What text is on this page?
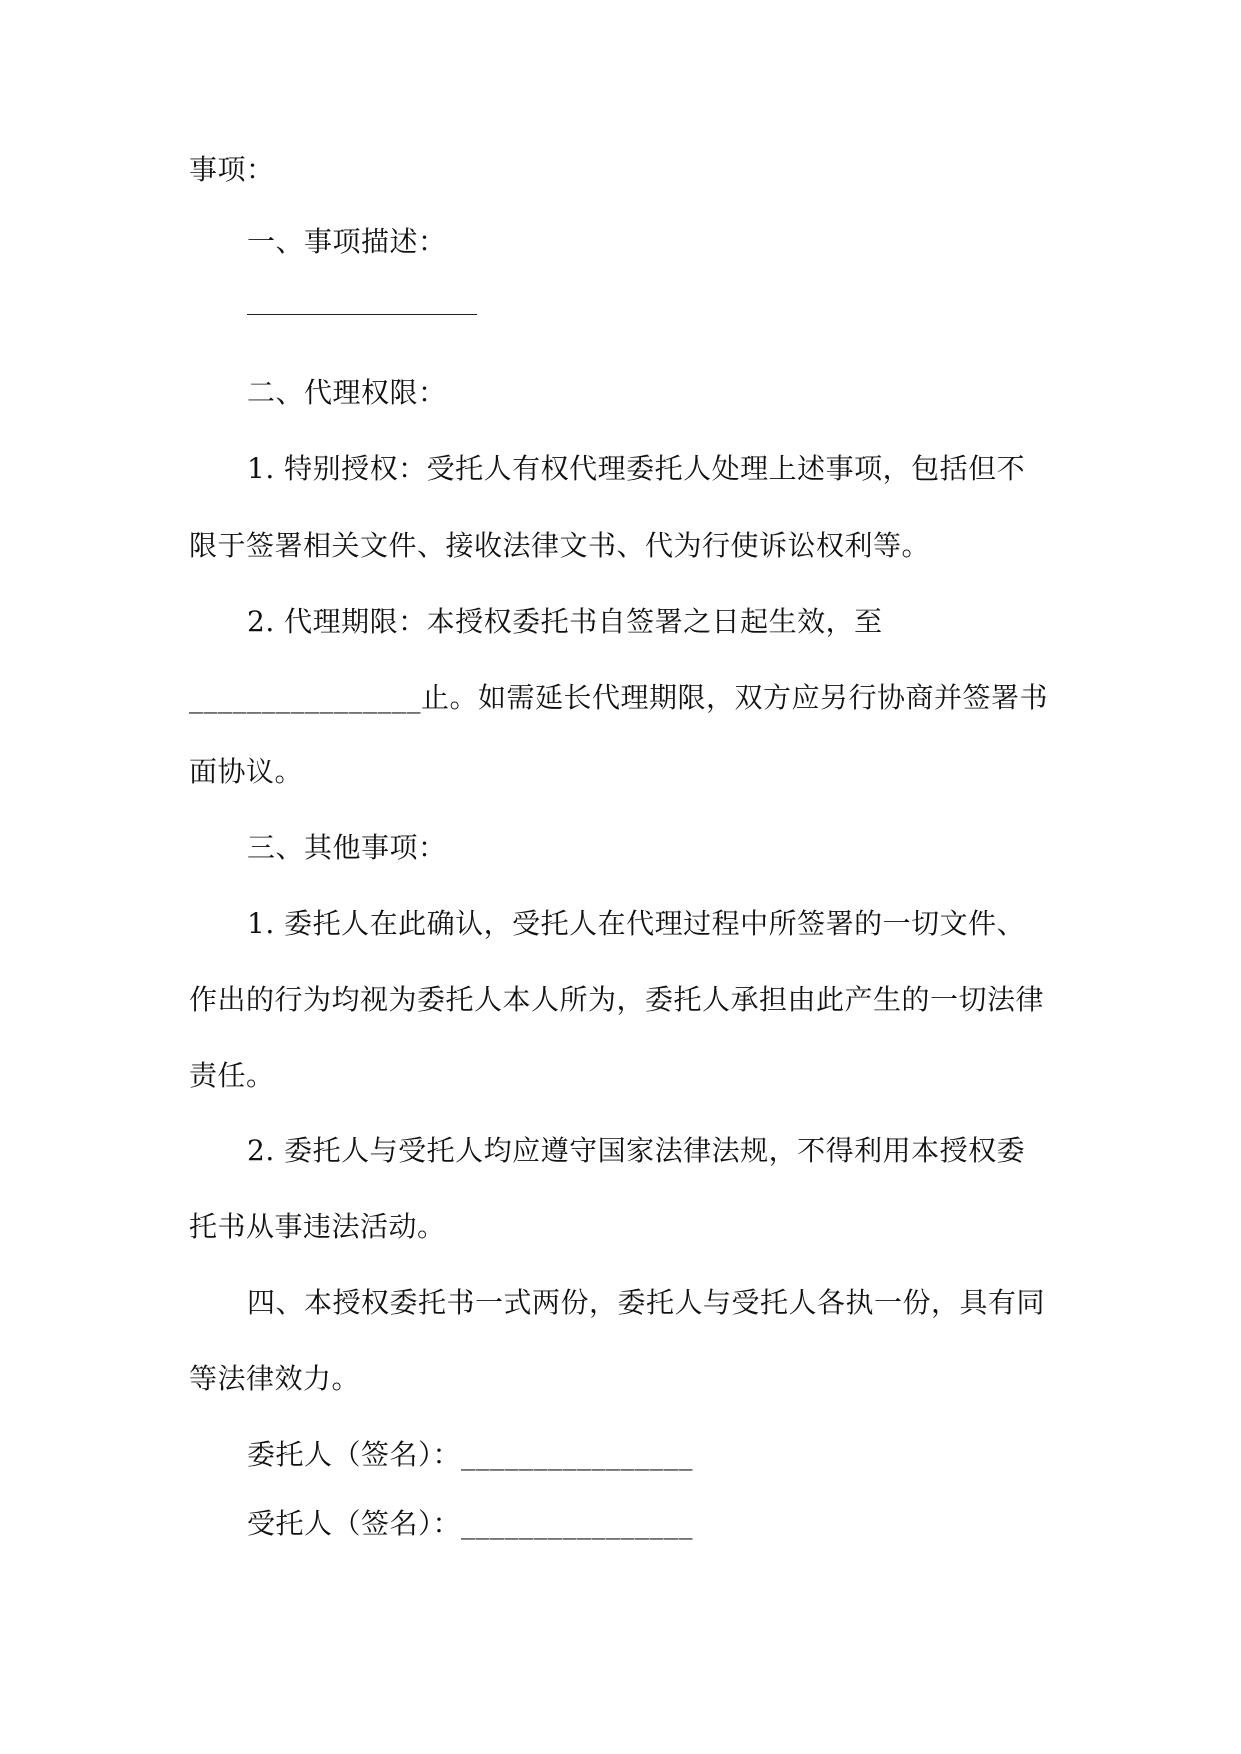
事项：
一、事项描述：
二、代理权限：
1. 特别授权：受托人有权代理委托人处理上述事项，包括但不
限于签署相关文件、接收法律文书、代为行使诉讼权利等。
2. 代理期限：本授权委托书自签署之日起生效，至
________________止。如需延长代理期限，双方应另行协商并签署书
面协议。
三、其他事项：
1. 委托人在此确认，受托人在代理过程中所签署的一切文件、
作出的行为均视为委托人本人所为，委托人承担由此产生的一切法律
责任。
2. 委托人与受托人均应遵守国家法律法规，不得利用本授权委
托书从事违法活动。
四、本授权委托书一式两份，委托人与受托人各执一份，具有同
等法律效力。
委托人（签名）：________________
受托人（签名）：________________
